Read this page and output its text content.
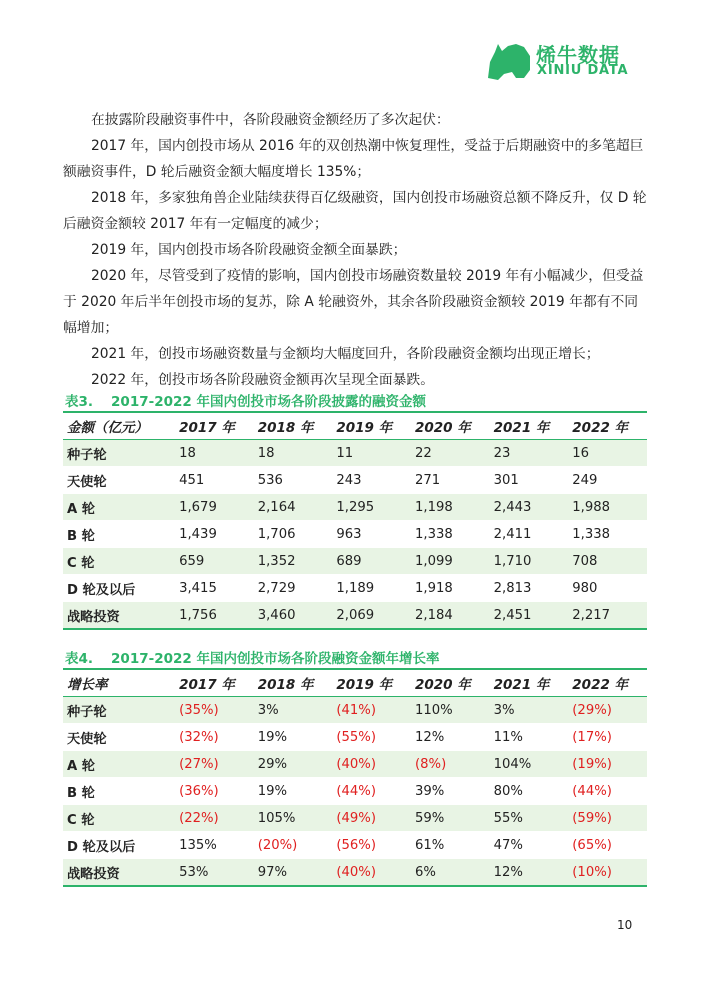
烯牛数据
XINIU DATA

在披露阶段融资事件中，各阶段融资金额经历了多次起伏：

2017 年，国内创投市场从 2016 年的双创热潮中恢复理性，受益于后期融资中的多笔超巨额融资事件，D 轮后融资金额大幅度增长 135%；

2018 年，多家独角兽企业陆续获得百亿级融资，国内创投市场融资总额不降反升，仅 D 轮后融资金额较 2017 年有一定幅度的减少；

2019 年，国内创投市场各阶段融资金额全面暴跌；

2020 年，尽管受到了疫情的影响，国内创投市场融资数量较 2019 年有小幅减少，但受益于 2020 年后半年创投市场的复苏，除 A 轮融资外，其余各阶段融资金额较 2019 年都有不同幅增加；

2021 年，创投市场融资数量与金额均大幅度回升，各阶段融资金额均出现正增长；

2022 年，创投市场各阶段融资金额再次呈现全面暴跌。

表3. 2017-2022 年国内创投市场各阶段披露的融资金额
金额（亿元）	2017 年	2018 年	2019 年	2020 年	2021 年	2022 年
种子轮	18	18	11	22	23	16
天使轮	451	536	243	271	301	249
A 轮	1,679	2,164	1,295	1,198	2,443	1,988
B 轮	1,439	1,706	963	1,338	2,411	1,338
C 轮	659	1,352	689	1,099	1,710	708
D 轮及以后	3,415	2,729	1,189	1,918	2,813	980
战略投资	1,756	3,460	2,069	2,184	2,451	2,217
表4. 2017-2022 年国内创投市场各阶段融资金额年增长率
增长率	2017 年	2018 年	2019 年	2020 年	2021 年	2022 年
种子轮	(35%)	3%	(41%)	110%	3%	(29%)
天使轮	(32%)	19%	(55%)	12%	11%	(17%)
A 轮	(27%)	29%	(40%)	(8%)	104%	(19%)
B 轮	(36%)	19%	(44%)	39%	80%	(44%)
C 轮	(22%)	105%	(49%)	59%	55%	(59%)
D 轮及以后	135%	(20%)	(56%)	61%	47%	(65%)
战略投资	53%	97%	(40%)	6%	12%	(10%)
10
